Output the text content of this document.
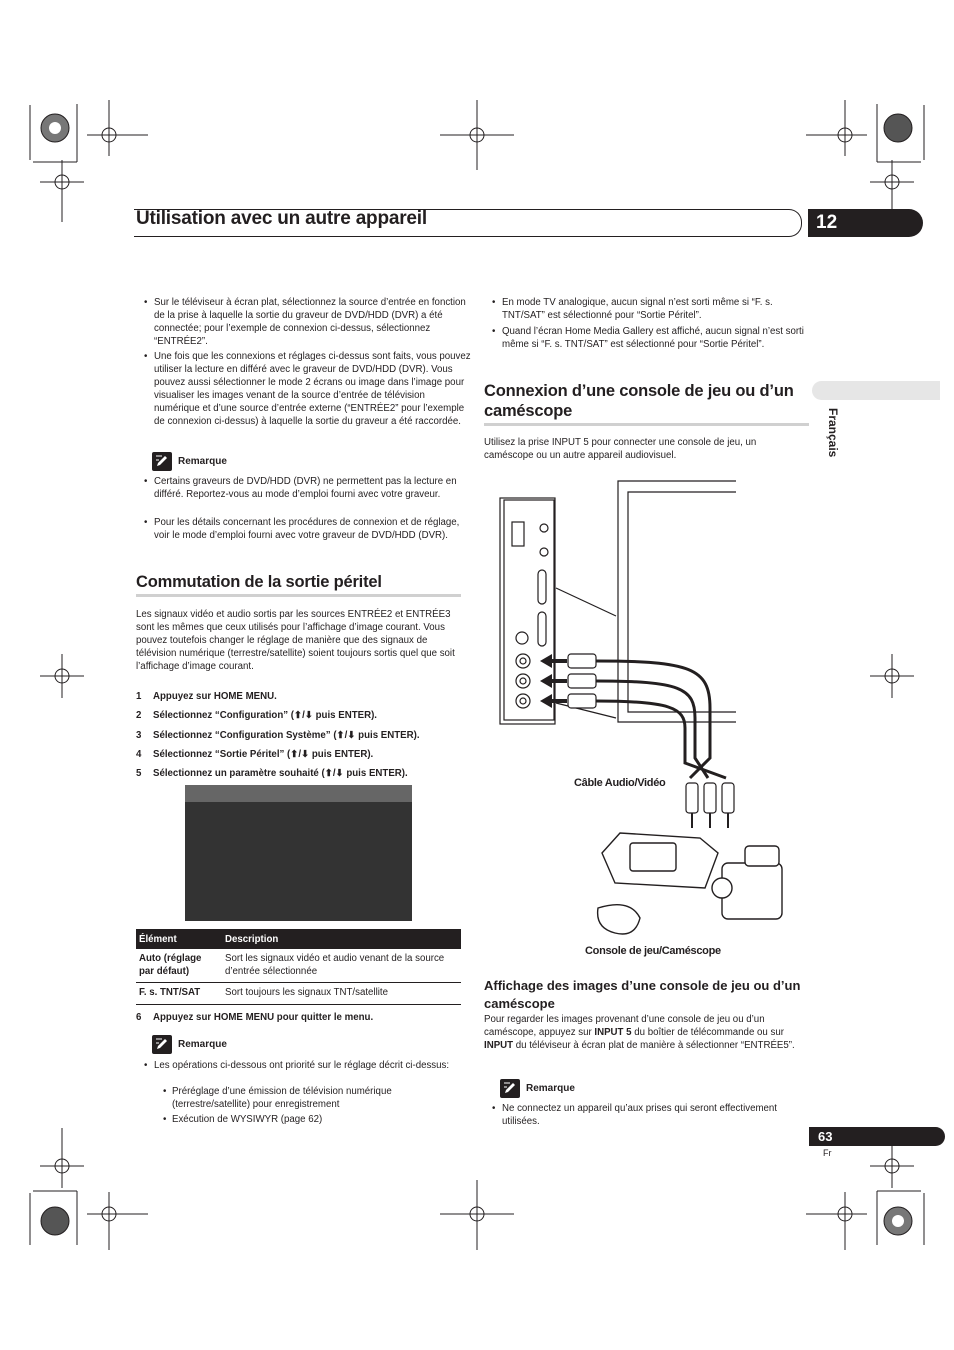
Utilisation avec un autre appareil	12
Français
• Sur le téléviseur à écran plat, sélectionnez la source d’entrée en fonction de la prise à laquelle la sortie du graveur de DVD/HDD (DVR) a été connectée; pour l’exemple de connexion ci-dessus, sélectionnez “ENTRÉE2”.
• Une fois que les connexions et réglages ci-dessus sont faits, vous pouvez utiliser la lecture en différé avec le graveur de DVD/HDD (DVR). Vous pouvez aussi sélectionner le mode 2 écrans ou image dans l’image pour visualiser les images venant de la source d’entrée de télévision numérique et d’une source d’entrée externe (“ENTRÉE2” pour l’exemple de connexion ci-dessus) à laquelle la sortie du graveur a été raccordée.
Remarque
• Certains graveurs de DVD/HDD (DVR) ne permettent pas la lecture en différé. Reportez-vous au mode d’emploi fourni avec votre graveur.
• Pour les détails concernant les procédures de connexion et de réglage, voir le mode d’emploi fourni avec votre graveur de DVD/HDD (DVR).
Commutation de la sortie péritel
Les signaux vidéo et audio sortis par les sources ENTRÉE2 et ENTRÉE3 sont les mêmes que ceux utilisés pour l’affichage d’image courant. Vous pouvez toutefois changer le réglage de manière que des signaux de télévision numérique (terrestre/satellite) soient toujours sortis quel que soit l’affichage d’image courant.
1 Appuyez sur HOME MENU.
2 Sélectionnez “Configuration” (⬆/⬇ puis ENTER).
3 Sélectionnez “Configuration Système” (⬆/⬇ puis ENTER).
4 Sélectionnez “Sortie Péritel” (⬆/⬇ puis ENTER).
5 Sélectionnez un paramètre souhaité (⬆/⬇ puis ENTER).
Élément	Description
Auto (réglage par défaut)	Sort les signaux vidéo et audio venant de la source d’entrée sélectionnée
F. s. TNT/SAT	Sort toujours les signaux TNT/satellite
6 Appuyez sur HOME MENU pour quitter le menu.
Remarque
• Les opérations ci-dessous ont priorité sur le réglage décrit ci-dessus:
• Préréglage d’une émission de télévision numérique (terrestre/satellite) pour enregistrement
• Exécution de WYSIWYR (page 62)
• En mode TV analogique, aucun signal n’est sorti même si “F. s. TNT/SAT” est sélectionné pour “Sortie Péritel”.
• Quand l’écran Home Media Gallery est affiché, aucun signal n’est sorti même si “F. s. TNT/SAT” est sélectionné pour “Sortie Péritel”.
Connexion d’une console de jeu ou d’un caméscope
Utilisez la prise INPUT 5 pour connecter une console de jeu, un caméscope ou un autre appareil audiovisuel.
Câble Audio/Vidéo
Console de jeu/Caméscope
Affichage des images d’une console de jeu ou d’un caméscope
Pour regarder les images provenant d’une console de jeu ou d’un caméscope, appuyez sur INPUT 5 du boîtier de télécommande ou sur INPUT du téléviseur à écran plat de manière à sélectionner “ENTRÉE5”.
Remarque
• Ne connectez un appareil qu’aux prises qui seront effectivement utilisées.
63
Fr
